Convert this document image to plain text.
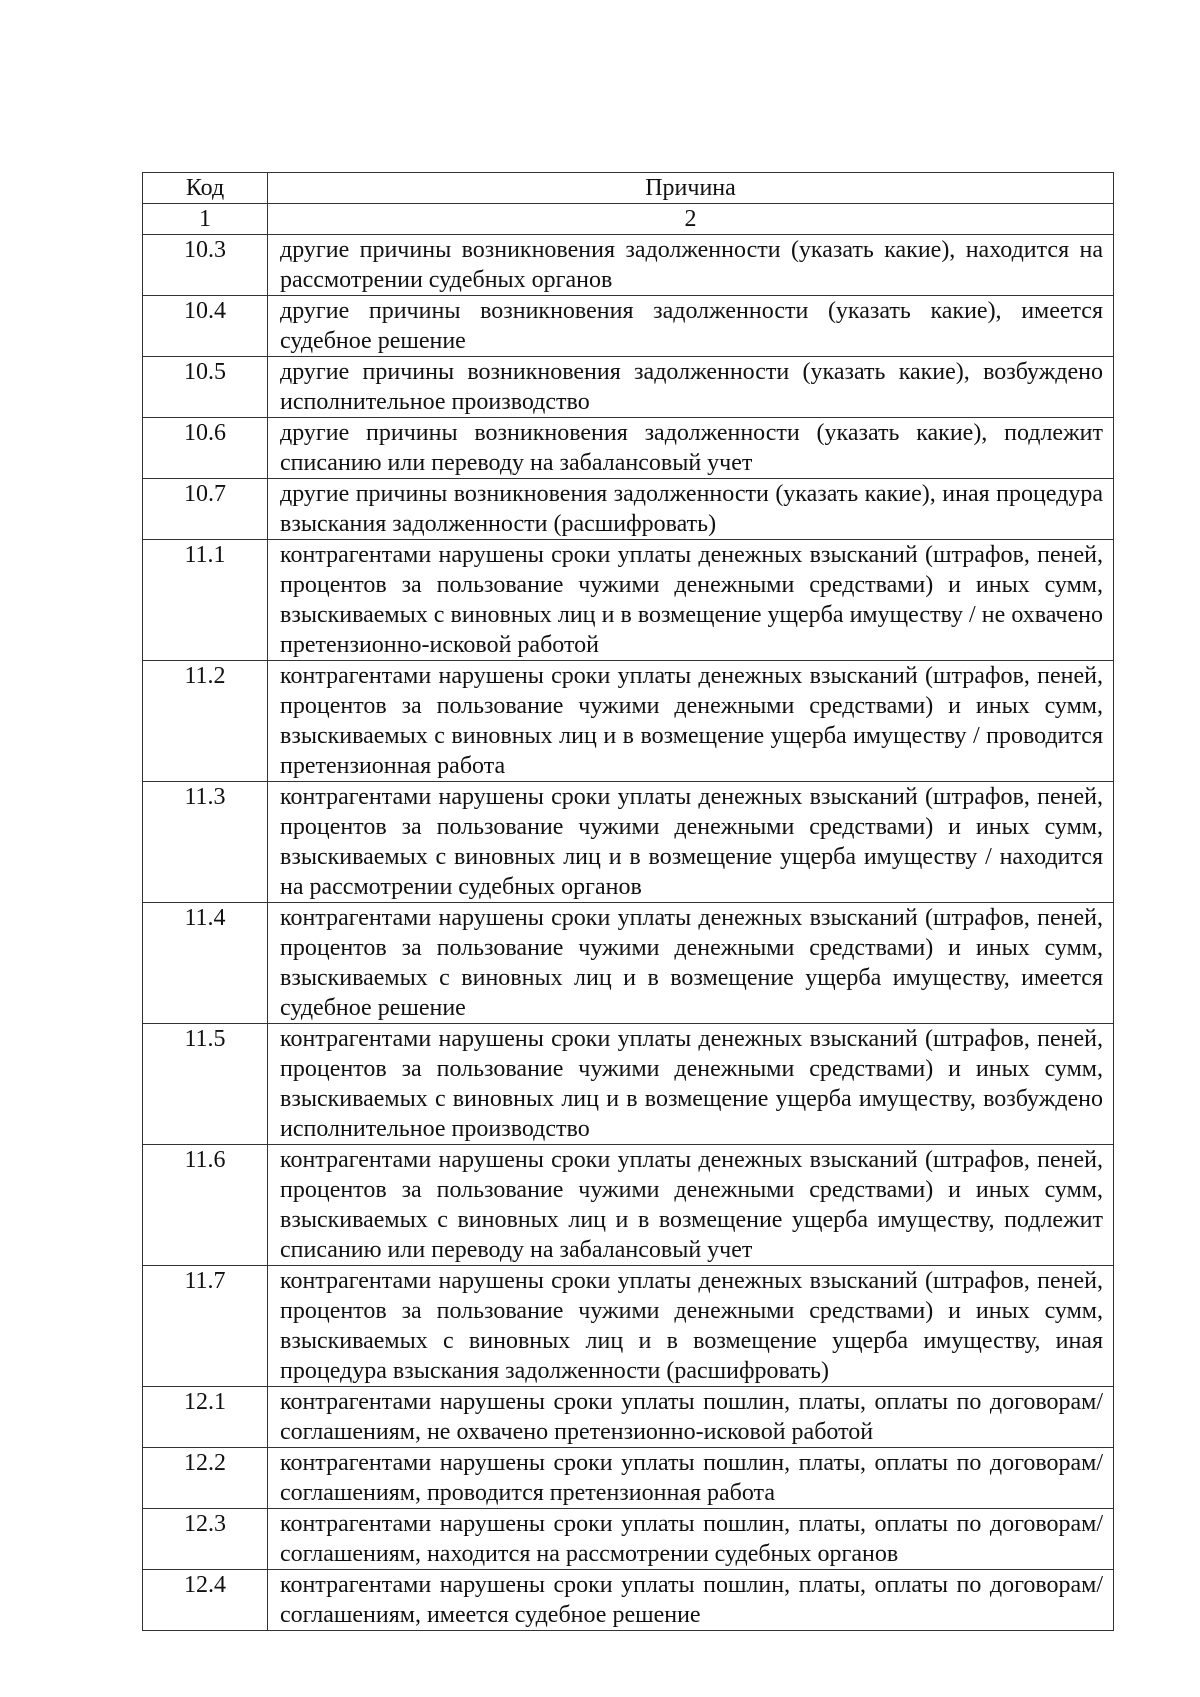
Код	Причина
1	2
10.3	другие причины возникновения задолженности (указать какие), находится на рассмотрении судебных органов
10.4	другие причины возникновения задолженности (указать какие), имеется судебное решение
10.5	другие причины возникновения задолженности (указать какие), возбуждено исполнительное производство
10.6	другие причины возникновения задолженности (указать какие), подлежит списанию или переводу на забалансовый учет
10.7	другие причины возникновения задолженности (указать какие), иная процедура взыскания задолженности (расшифровать)
11.1	контрагентами нарушены сроки уплаты денежных взысканий (штрафов, пеней, процентов за пользование чужими денежными средствами) и иных сумм, взыскиваемых с виновных лиц и в возмещение ущерба имуществу / не охвачено претензионно-исковой работой
11.2	контрагентами нарушены сроки уплаты денежных взысканий (штрафов, пеней, процентов за пользование чужими денежными средствами) и иных сумм, взыскиваемых с виновных лиц и в возмещение ущерба имуществу / проводится претензионная работа
11.3	контрагентами нарушены сроки уплаты денежных взысканий (штрафов, пеней, процентов за пользование чужими денежными средствами) и иных сумм, взыскиваемых с виновных лиц и в возмещение ущерба имуществу / находится на рассмотрении судебных органов
11.4	контрагентами нарушены сроки уплаты денежных взысканий (штрафов, пеней, процентов за пользование чужими денежными средствами) и иных сумм, взыскиваемых с виновных лиц и в возмещение ущерба имуществу, имеется судебное решение
11.5	контрагентами нарушены сроки уплаты денежных взысканий (штрафов, пеней, процентов за пользование чужими денежными средствами) и иных сумм, взыскиваемых с виновных лиц и в возмещение ущерба имуществу, возбуждено исполнительное производство
11.6	контрагентами нарушены сроки уплаты денежных взысканий (штрафов, пеней, процентов за пользование чужими денежными средствами) и иных сумм, взыскиваемых с виновных лиц и в возмещение ущерба имуществу, подлежит списанию или переводу на забалансовый учет
11.7	контрагентами нарушены сроки уплаты денежных взысканий (штрафов, пеней, процентов за пользование чужими денежными средствами) и иных сумм, взыскиваемых с виновных лиц и в возмещение ущерба имуществу, иная процедура взыскания задолженности (расшифровать)
12.1	контрагентами нарушены сроки уплаты пошлин, платы, оплаты по договорам/соглашениям, не охвачено претензионно-исковой работой
12.2	контрагентами нарушены сроки уплаты пошлин, платы, оплаты по договорам/соглашениям, проводится претензионная работа
12.3	контрагентами нарушены сроки уплаты пошлин, платы, оплаты по договорам/соглашениям, находится на рассмотрении судебных органов
12.4	контрагентами нарушены сроки уплаты пошлин, платы, оплаты по договорам/соглашениям, имеется судебное решение
